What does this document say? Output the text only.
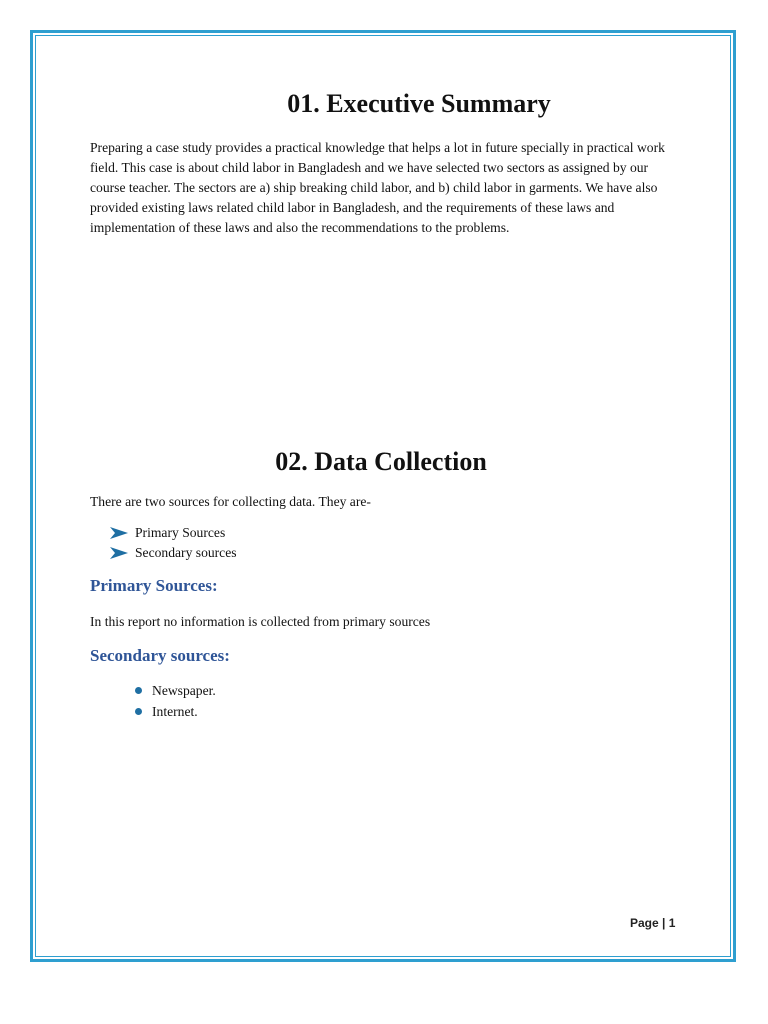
01. Executive Summary

Preparing a case study provides a practical knowledge that helps a lot in future specially in practical work field. This case is about child labor in Bangladesh and we have selected two sectors as assigned by our course teacher. The sectors are a) ship breaking child labor, and b) child labor in garments. We have also provided existing laws related child labor in Bangladesh, and the requirements of these laws and implementation of these laws and also the recommendations to the problems.

02. Data Collection

There are two sources for collecting data. They are-

Primary Sources
Secondary sources
Primary Sources:

In this report no information is collected from primary sources

Secondary sources:
Newspaper.
Internet.
Page | 1
